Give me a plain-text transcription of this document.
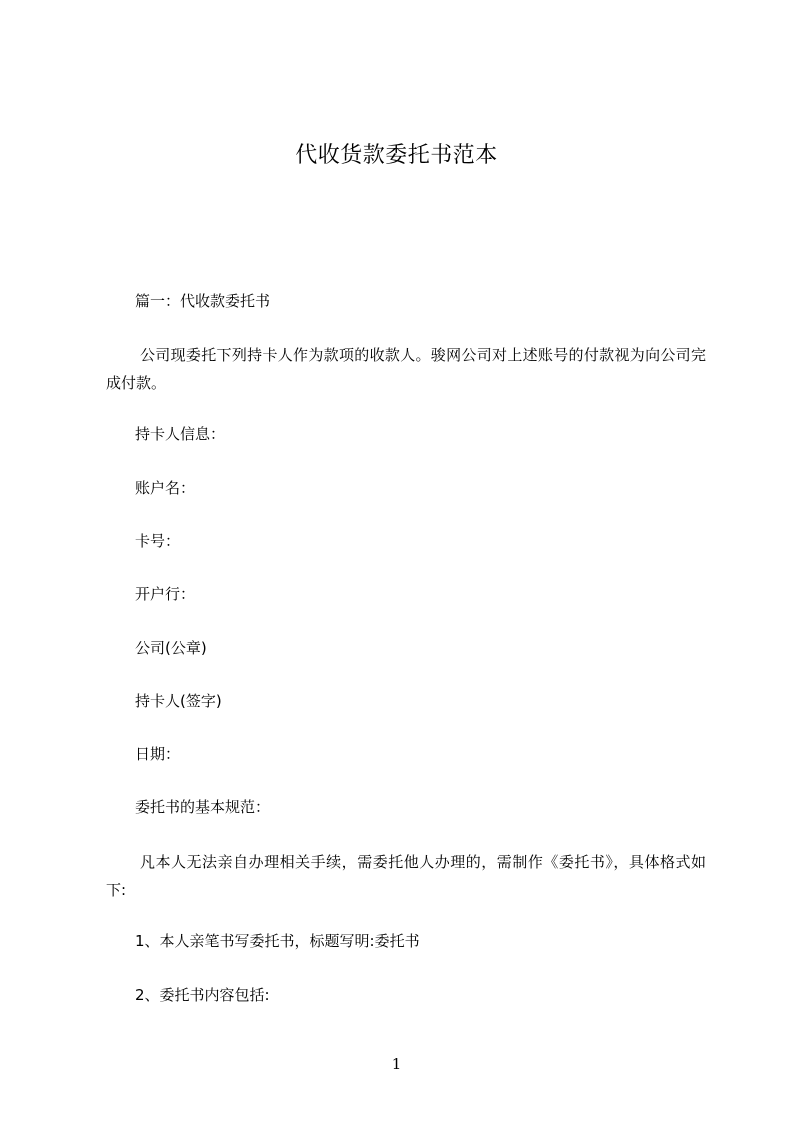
代收货款委托书范本
篇一：代收款委托书
公司现委托下列持卡人作为款项的收款人。骏网公司对上述账号的付款视为向公司完成付款。
持卡人信息：
账户名：
卡号：
开户行：
公司(公章)
持卡人(签字)
日期：
委托书的基本规范：
凡本人无法亲自办理相关手续，需委托他人办理的，需制作《委托书》，具体格式如下:
1、本人亲笔书写委托书，标题写明:委托书
2、委托书内容包括:
1
